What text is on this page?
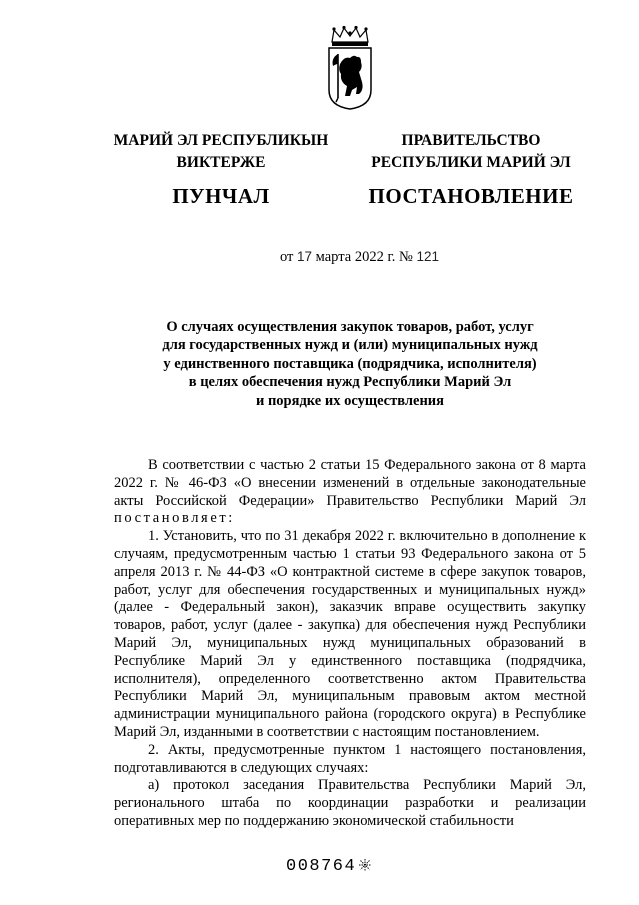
МАРИЙ ЭЛ РЕСПУБЛИКЫН
ВИКТЕРЖЕ
ПУНЧАЛ
ПРАВИТЕЛЬСТВО
РЕСПУБЛИКИ МАРИЙ ЭЛ
ПОСТАНОВЛЕНИЕ
от 17 марта 2022 г. № 121
О случаях осуществления закупок товаров, работ, услуг
для государственных нужд и (или) муниципальных нужд
у единственного поставщика (подрядчика, исполнителя)
в целях обеспечения нужд Республики Марий Эл
и порядке их осуществления

В соответствии с частью 2 статьи 15 Федерального закона от 8 марта 2022 г. № 46-ФЗ «О внесении изменений в отдельные законодательные акты Российской Федерации» Правительство Республики Марий Эл постановляет:

1. Установить, что по 31 декабря 2022 г. включительно в дополнение к случаям, предусмотренным частью 1 статьи 93 Федерального закона от 5 апреля 2013 г. № 44-ФЗ «О контрактной системе в сфере закупок товаров, работ, услуг для обеспечения государственных и муниципальных нужд» (далее - Федеральный закон), заказчик вправе осуществить закупку товаров, работ, услуг (далее - закупка) для обеспечения нужд Республики Марий Эл, муниципальных нужд муниципальных образований в Республике Марий Эл у единственного поставщика (подрядчика, исполнителя), определенного соответственно актом Правительства Республики Марий Эл, муниципальным правовым актом местной администрации муниципального района (городского округа) в Республике Марий Эл, изданными в соответствии с настоящим постановлением.

2. Акты, предусмотренные пунктом 1 настоящего постановления, подготавливаются в следующих случаях:

а) протокол заседания Правительства Республики Марий Эл, регионального штаба по координации разработки и реализации оперативных мер по поддержанию экономической стабильности

008764
